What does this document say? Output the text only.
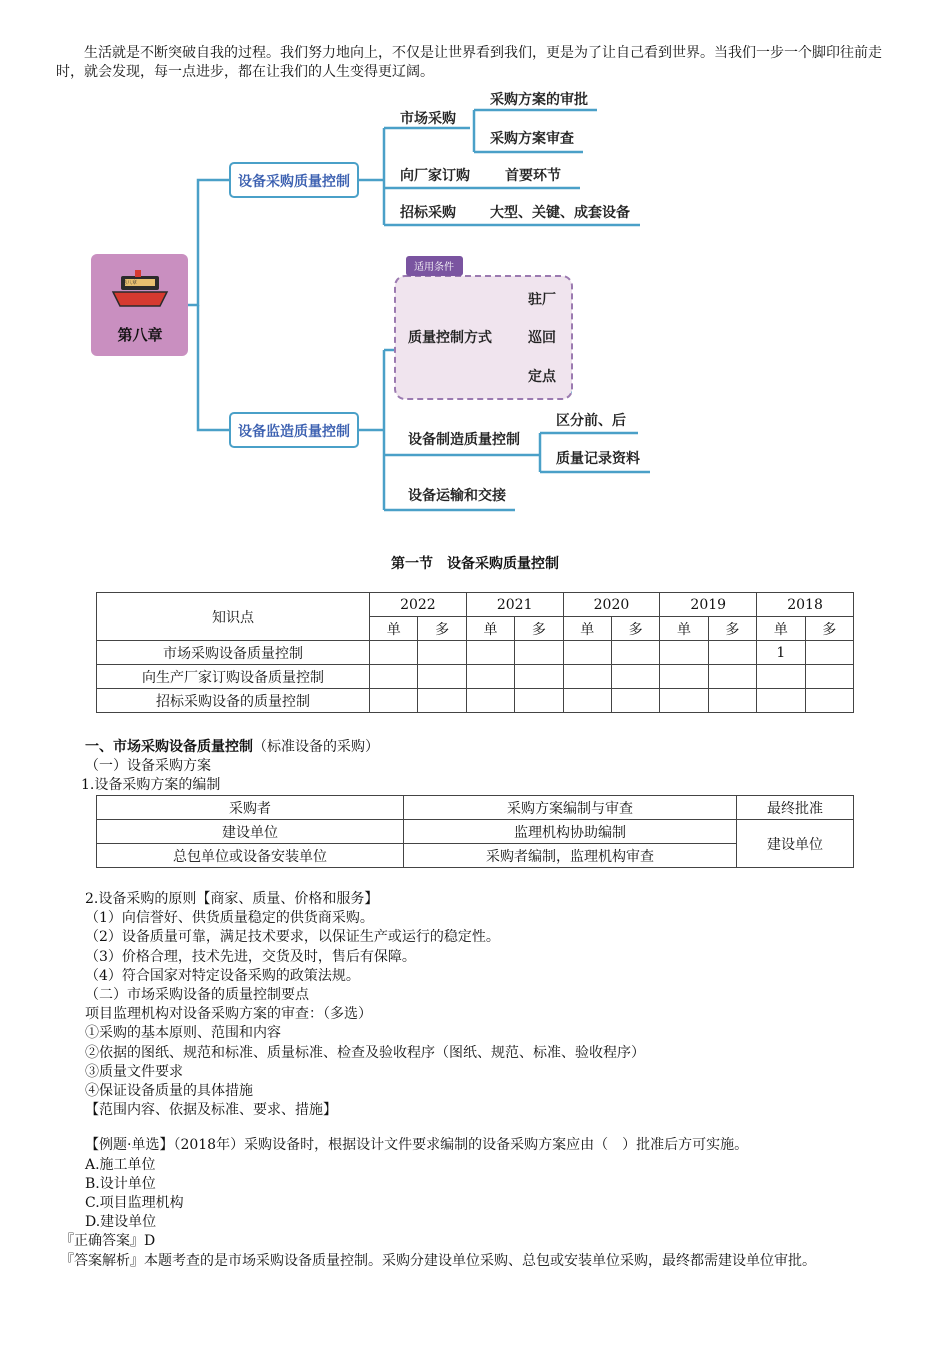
生活就是不断突破自我的过程。我们努力地向上，不仅是让世界看到我们，更是为了让自己看到世界。当我们一步一个脚印往前走时，就会发现，每一点进步，都在让我们的人生变得更辽阔。
第八章
第八章
设备采购质量控制
设备监造质量控制
市场采购
采购方案的审批
采购方案审查
向厂家订购	首要环节
招标采购 大型、关键、成套设备
适用条件
质量控制方式
驻厂
巡回
定点
设备制造质量控制
区分前、后
质量记录资料
设备运输和交接
第一节　设备采购质量控制
知识点	2022		2021		2020		2019		2018	
	单	多	单	多	单	多	单	多	单	多
市场采购设备质量控制									1	
向生产厂家订购设备质量控制										
招标采购设备的质量控制										
一、市场采购设备质量控制（标准设备的采购）
（一）设备采购方案
1.设备采购方案的编制
采购者	采购方案编制与审查	最终批准
建设单位	监理机构协助编制	建设单位
总包单位或设备安装单位	采购者编制，监理机构审查	
2.设备采购的原则【商家、质量、价格和服务】
（1）向信誉好、供货质量稳定的供货商采购。
（2）设备质量可靠，满足技术要求，以保证生产或运行的稳定性。
（3）价格合理，技术先进，交货及时，售后有保障。
（4）符合国家对特定设备采购的政策法规。
（二）市场采购设备的质量控制要点
项目监理机构对设备采购方案的审查：（多选）
①采购的基本原则、范围和内容
②依据的图纸、规范和标准、质量标准、检查及验收程序（图纸、规范、标准、验收程序）
③质量文件要求
④保证设备质量的具体措施
【范围内容、依据及标准、要求、措施】
【例题·单选】（2018年）采购设备时，根据设计文件要求编制的设备采购方案应由（　）批准后方可实施。
A.施工单位
B.设计单位
C.项目监理机构
D.建设单位
『正确答案』D
『答案解析』本题考查的是市场采购设备质量控制。采购分建设单位采购、总包或安装单位采购，最终都需建设单位审批。
